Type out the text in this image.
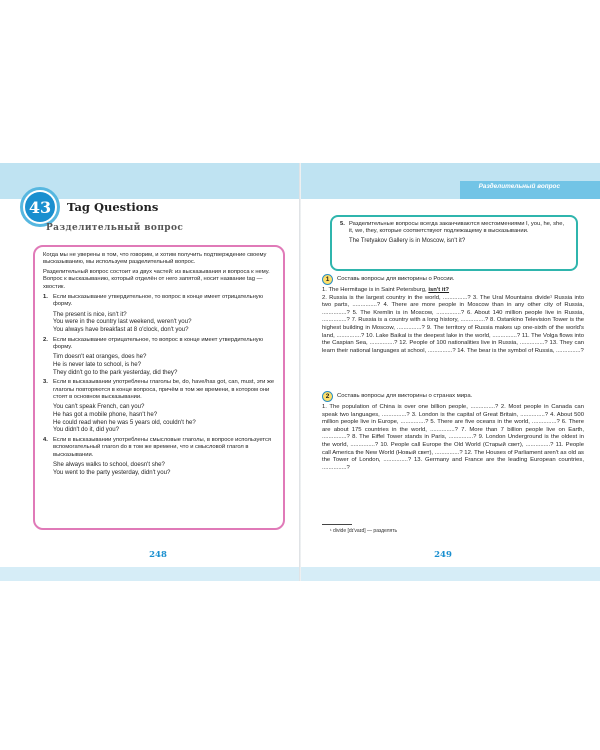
Разделительный вопрос
43	Tag Questions
Разделительный вопрос

Когда мы не уверены в том, что говорим, и хотим получить подтверждение своему высказыванию, мы используем разделительный вопрос.

Разделительный вопрос состоит из двух частей: из высказывания и вопроса к нему. Вопрос к высказыванию, который отделён от него запятой, носит название tag — хвостик.

1. Если высказывание утвердительное, то вопрос в конце имеет отрицательную форму.
The present is nice, isn't it?
You were in the country last weekend, weren't you?
You always have breakfast at 8 o'clock, don't you?
2. Если высказывание отрицательное, то вопрос в конце имеет утвердительную форму.
Tim doesn't eat oranges, does he?
He is never late to school, is he?
They didn't go to the park yesterday, did they?
3. Если в высказывании употреблены глаголы be, do, have/has got, can, must, эти же глаголы повторяются в конце вопроса, причём в том же времени, в котором они стоят в основном высказывании.
You can't speak French, can you?
He has got a mobile phone, hasn't he?
He could read when he was 5 years old, couldn't he?
You didn't do it, did you?
4. Если в высказывании употреблены смысловые глаголы, в вопросе используется вспомогательный глагол do в том же времени, что и смысловой глагол в высказывании.
She always walks to school, doesn't she?
You went to the party yesterday, didn't you?
248
5. Разделительные вопросы всегда заканчиваются местоимениями I, you, he, she, it, we, they, которые соответствуют подлежащему в высказывании.
The Tretyakov Gallery is in Moscow, isn't it?
1	Составь вопросы для викторины о России.
1. The Hermitage is in Saint Petersburg, isn't it?
2. Russia is the largest country in the world, ...............? 3. The Ural Mountains divide¹ Russia into two parts, ...............? 4. There are more people in Moscow than in any other city of Russia, ...............? 5. The Kremlin is in Moscow, ...............? 6. About 140 million people live in Russia, ...............? 7. Russia is a country with a long history, ...............? 8. Ostankino Television Tower is the highest building in Moscow, ...............? 9. The territory of Russia makes up one-sixth of the world's land, ...............? 10. Lake Baikal is the deepest lake in the world, ...............? 11. The Volga flows into the Caspian Sea, ...............? 12. People of 100 nationalities live in Russia, ...............? 13. They can learn their national languages at school, ...............? 14. The bear is the symbol of Russia, ...............?
2	Составь вопросы для викторины о странах мира.
1. The population of China is over one billion people, ...............? 2. Most people in Canada can speak two languages, ...............? 3. London is the capital of Great Britain, ...............? 4. About 500 million people live in Europe, ...............? 5. There are five oceans in the world, ...............? 6. There are about 175 countries in the world, ...............? 7. More than 7 billion people live on Earth, ...............? 8. The Eiffel Tower stands in Paris, ...............? 9. London Underground is the oldest in the world, ...............? 10. People call Europe the Old World (Старый свет), ...............? 11. People call America the New World (Новый свет), ...............? 12. The Houses of Parliament aren't as old as the Tower of London, ...............? 13. Germany and France are the leading European countries, ...............?
¹ divide [dɪ'vaɪd] — разделять
249
